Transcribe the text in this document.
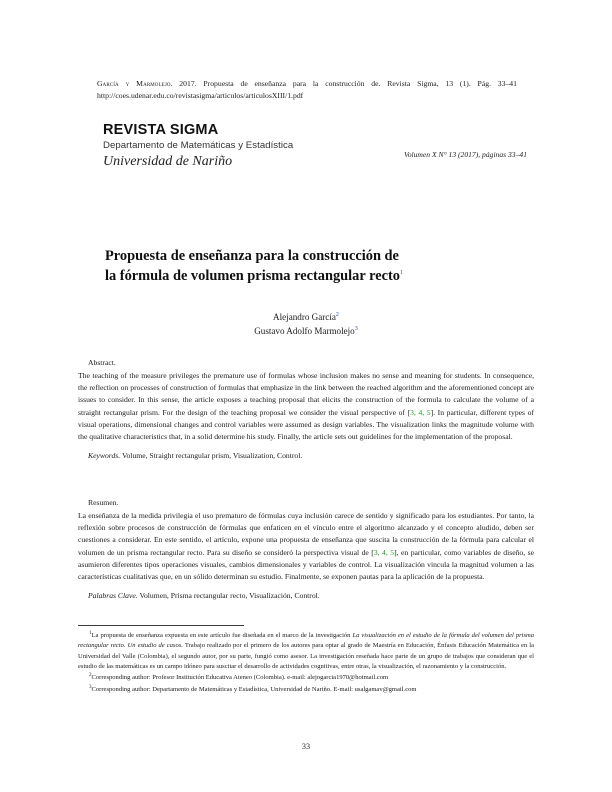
García y Marmolejo. 2017. Propuesta de enseñanza para la construcción de. Revista Sigma, 13 (1). Pág. 33–41 http://coes.udenar.edu.co/revistasigma/articulos/articulosXIII/1.pdf
REVISTA SIGMA
Departamento de Matemáticas y Estadística
Universidad de Nariño	Volumen X N° 13 (2017), páginas 33–41
Propuesta de enseñanza para la construcción de
la fórmula de volumen prisma rectangular recto$^1$
Alejandro García$^2$
Gustavo Adolfo Marmolejo$^3$
Abstract.
The teaching of the measure privileges the premature use of formulas whose inclusion makes no sense and meaning for students. In consequence, the reflection on processes of construction of formulas that emphasize in the link between the reached algorithm and the aforementioned concept are issues to consider. In this sense, the article exposes a teaching proposal that elicits the construction of the formula to calculate the volume of a straight rectangular prism. For the design of the teaching proposal we consider the visual perspective of [3, 4, 5]. In particular, different types of visual operations, dimensional changes and control variables were assumed as design variables. The visualization links the magnitude volume with the qualitative characteristics that, in a solid determine his study. Finally, the article sets out guidelines for the implementation of the proposal.
Keywords. Volume, Straight rectangular prism, Visualization, Control.
Resumen.
La enseñanza de la medida privilegia el uso prematuro de fórmulas cuya inclusión carece de sentido y significado para los estudiantes. Por tanto, la reflexión sobre procesos de construcción de fórmulas que enfaticen en el vínculo entre el algoritmo alcanzado y el concepto aludido, deben ser cuestiones a considerar. En este sentido, el artículo, expone una propuesta de enseñanza que suscita la construcción de la fórmula para calcular el volumen de un prisma rectangular recto. Para su diseño se consideró la perspectiva visual de [3, 4, 5], en particular, como variables de diseño, se asumieron diferentes tipos operaciones visuales, cambios dimensionales y variables de control. La visualización vincula la magnitud volumen a las características cualitativas que, en un sólido determinan su estudio. Finalmente, se exponen pautas para la aplicación de la propuesta.
Palabras Clave. Volumen, Prisma rectangular recto, Visualización, Control.
$^1$La propuesta de enseñanza expuesta en este artículo fue diseñada en el marco de la investigación La visualización en el estudio de la fórmula del volumen del prisma rectangular recto. Un estudio de casos. Trabajo realizado por el primero de los autores para optar al grado de Maestría en Educación, Énfasis Educación Matemática en la Universidad del Valle (Colombia), el segundo autor, por su parte, fungió como asesor. La investigación reseñada hace parte de un grupo de trabajos que consideran que el estudio de las matemáticas es un campo idóneo para suscitar el desarrollo de actividades cognitivas, entre otras, la visualización, el razonamiento y la construcción.
$^2$Corresponding author: Profesor Institución Educativa Ateneo (Colombia). e-mail: alejogarcia1970@hotmail.com
$^3$Corresponding author: Departamento de Matemáticas y Estadística, Universidad de Nariño. E-mail: usalgamav@gmail.com
33
